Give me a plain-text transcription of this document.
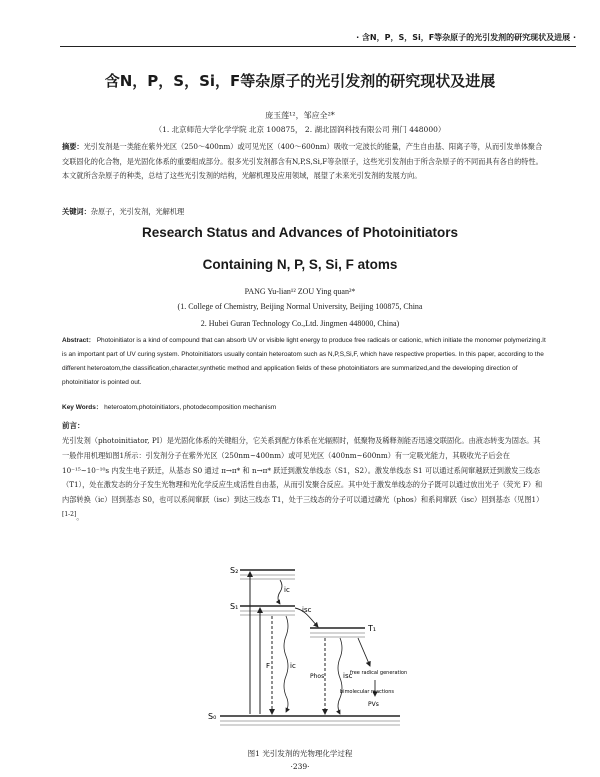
· 含N，P，S，Si，F等杂原子的光引发剂的研究现状及进展 ·
含N，P，S，Si，F等杂原子的光引发剂的研究现状及进展
庞玉莲¹²，邹应全²*
（1. 北京师范大学化学学院 北京 100875， 2. 湖北固润科技有限公司 荆门 448000）
摘要：光引发剂是一类能在紫外光区（250～400nm）或可见光区（400～600nm）吸收一定波长的能量，产生自由基、阳离子等，从而引发单体聚合交联固化的化合物，是光固化体系的重要组成部分。很多光引发剂都含有N,P,S,Si,F等杂原子，这些光引发剂由于所含杂原子的不同而具有各自的特性。本文就所含杂原子的种类，总结了这些光引发剂的结构，光解机理及应用领域，展望了未来光引发剂的发展方向。
关键词：杂原子，光引发剂，光解机理
Research Status and Advances of Photoinitiators
Containing N, P, S, Si, F atoms
PANG Yu-lian¹² ZOU Ying quan²*
(1. College of Chemistry, Beijing Normal University, Beijing 100875, China
2. Hubei Guran Technology Co.,Ltd. Jingmen 448000, China)
Abstract： Photoinitiator is a kind of compound that can absorb UV or visible light energy to produce free radicals or cationic, which initiate the monomer polymerizing.It is an important part of UV curing system. Photoinitiators usually contain heteroatom such as N,P,S,Si,F, which have respective properties. In this paper, according to the different heteroatom,the classification,character,synthetic method and application fields of these photoinitiators are summarized,and the developing direction of photoinitiator is pointed out.
Key Words： heteroatom,photoinitiators, photodecomposition mechanism
前言：
光引发剂（photoinitiator, PI）是光固化体系的关键组分，它关系到配方体系在光辐照时，低聚物及稀释剂能否迅速交联固化。由液态转变为固态。其一般作用机理如图1所示：引发剂分子在紫外光区（250nm~400nm）或可见光区（400nm~600nm）有一定吸光能力，其吸收光子后会在 10⁻¹⁵~10⁻¹⁰s 内发生电子跃迁，从基态 S0 通过 π→π* 和 n→π* 跃迁到激发单线态（S1，S2）。激发单线态 S1 可以通过系间窜越跃迁到激发三线态（T1），处在激发态的分子发生光物理和光化学反应生成活性自由基，从而引发聚合反应。其中处于激发单线态的分子既可以通过放出光子（荧光 F）和内部转换（ic）回到基态 S0，也可以系间窜跃（isc）到达三线态 T1，处于三线态的分子可以通过磷光（phos）和系间窜跃（isc）回到基态（见图1）[1-2]。
S₂
S₁
S₀
T₁
ic
ic
isc
isc
F
Phos	free radical generation
bimolecular reactions
PVs
图1 光引发剂的光物理化学过程
·239·
